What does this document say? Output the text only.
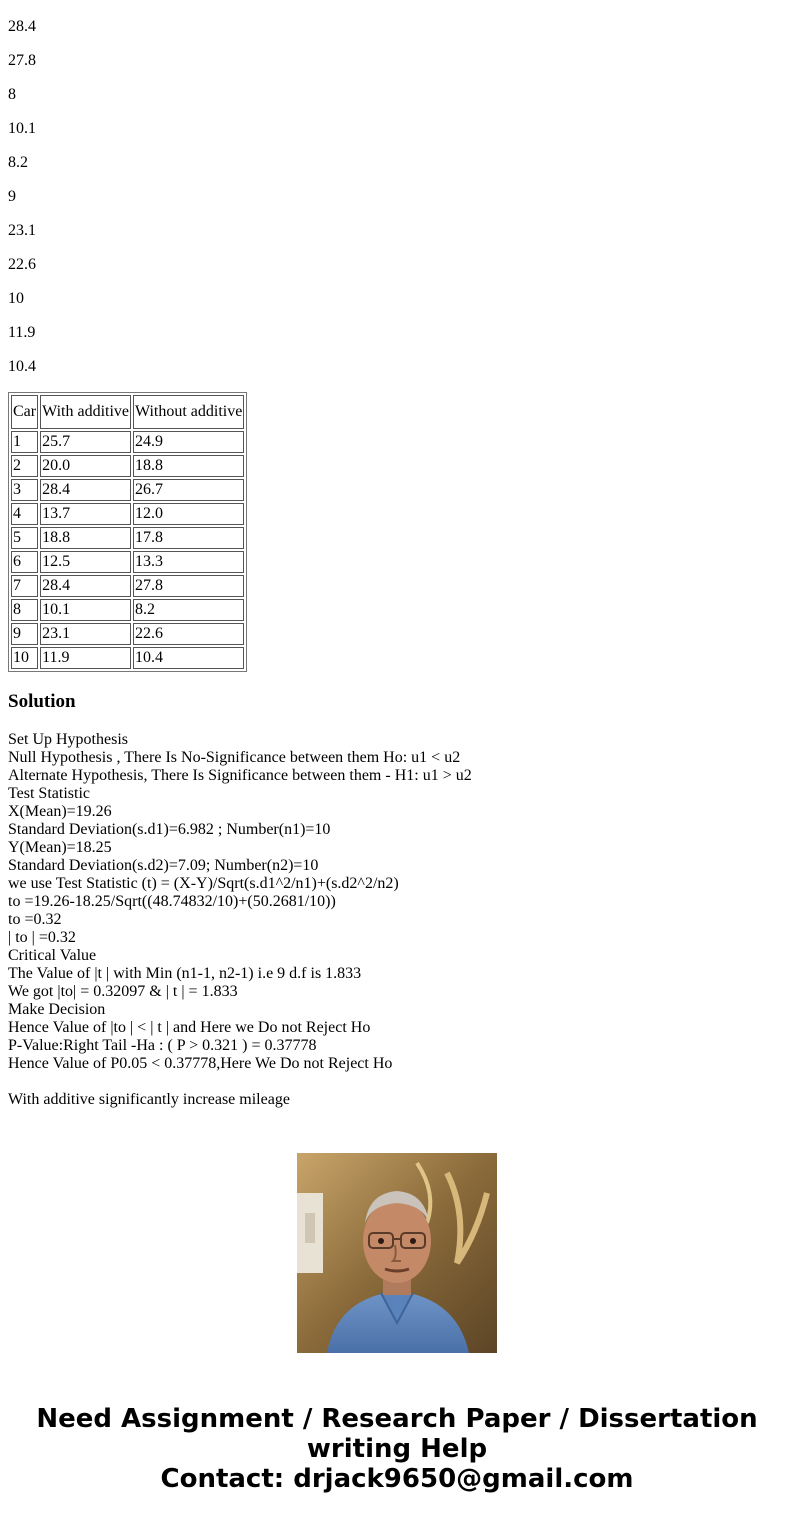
28.4

27.8

8

10.1

8.2

9

23.1

22.6

10

11.9

10.4

Car	With additive	Without additive
1	25.7	24.9
2	20.0	18.8
3	28.4	26.7
4	13.7	12.0
5	18.8	17.8
6	12.5	13.3
7	28.4	27.8
8	10.1	8.2
9	23.1	22.6
10	11.9	10.4
Solution
Set Up Hypothesis
Null Hypothesis , There Is No-Significance between them Ho: u1 < u2
Alternate Hypothesis, There Is Significance between them - H1: u1 > u2
Test Statistic
X(Mean)=19.26
Standard Deviation(s.d1)=6.982 ; Number(n1)=10
Y(Mean)=18.25
Standard Deviation(s.d2)=7.09; Number(n2)=10
we use Test Statistic (t) = (X-Y)/Sqrt(s.d1^2/n1)+(s.d2^2/n2)
to =19.26-18.25/Sqrt((48.74832/10)+(50.2681/10))
to =0.32
| to | =0.32
Critical Value
The Value of |t | with Min (n1-1, n2-1) i.e 9 d.f is 1.833
We got |to| = 0.32097 & | t | = 1.833
Make Decision
Hence Value of |to | < | t | and Here we Do not Reject Ho
P-Value:Right Tail -Ha : ( P > 0.321 ) = 0.37778
Hence Value of P0.05 < 0.37778,Here We Do not Reject Ho
With additive significantly increase mileage
Need Assignment / Research Paper / Dissertation
writing Help
Contact: drjack9650@gmail.com
